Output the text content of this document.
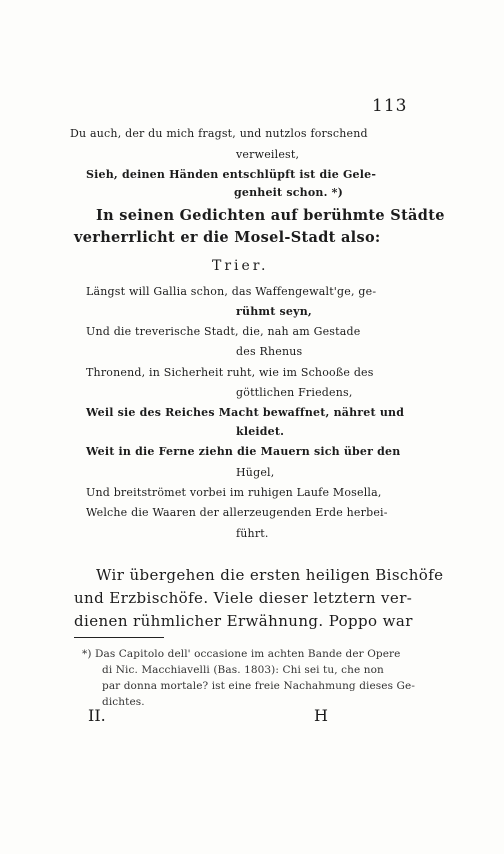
113
Du auch, der du mich fragst, und nutzlos forschend
verweilest,
Sieh, deinen Händen entschlüpft ist die Gele-
genheit schon. *)
In seinen Gedichten auf berühmte Städte
verherrlicht er die Mosel-Stadt also:
Trier.
Längst will Gallia schon, das Waffengewalt'ge, ge-
rühmt seyn,
Und die treverische Stadt, die, nah am Gestade
des Rhenus
Thronend, in Sicherheit ruht, wie im Schooße des
göttlichen Friedens,
Weil sie des Reiches Macht bewaffnet, nähret und
kleidet.
Weit in die Ferne ziehn die Mauern sich über den
Hügel,
Und breitströmet vorbei im ruhigen Laufe Mosella,
Welche die Waaren der allerzeugenden Erde herbei-
führt.
Wir übergehen die ersten heiligen Bischöfe
und Erzbischöfe. Viele dieser letztern ver-
dienen rühmlicher Erwähnung. Poppo war
*) Das Capitolo dell' occasione im achten Bande der Opere
di Nic. Macchiavelli (Bas. 1803): Chi sei tu, che non
par donna mortale? ist eine freie Nachahmung dieses Ge-
dichtes.
II.	H
